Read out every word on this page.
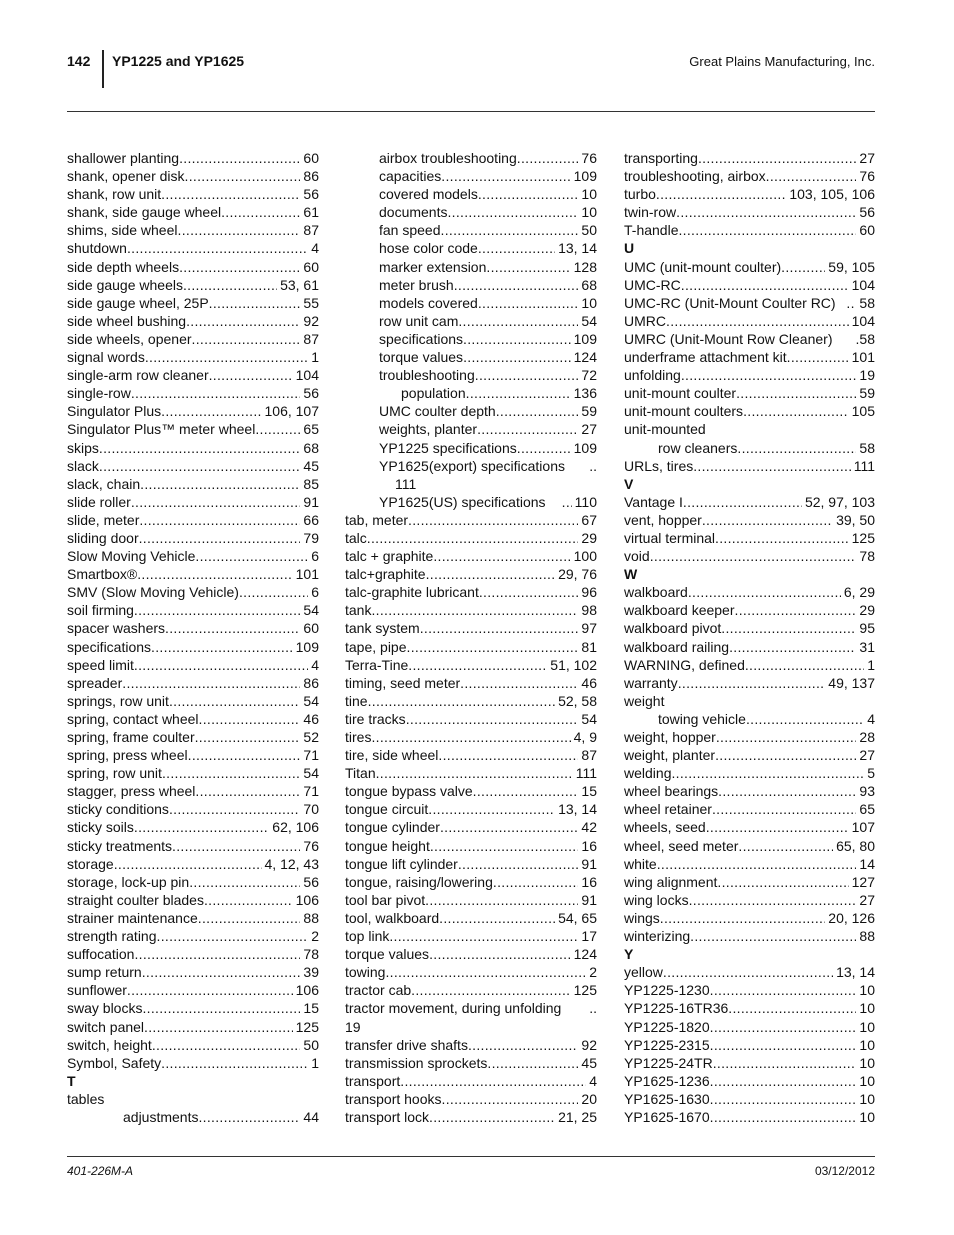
142 YP1225 and YP1625	Great Plains Manufacturing, Inc.
shallower planting .....	60
shank, opener disk .....	86
shank, row unit .....	56
shank, side gauge wheel .....	61
shims, side wheel .....	87
shutdown .....	4
side depth wheels .....	60
side gauge wheels .....	53, 61
side gauge wheel, 25P .....	55
side wheel bushing .....	92
side wheels, opener .....	87
signal words .....	1
single-arm row cleaner .....	104
single-row .....	56
Singulator Plus .....	106, 107
Singulator Plus™ meter wheel .....	65
skips .....	68
slack .....	45
slack, chain .....	85
slide roller .....	91
slide, meter .....	66
sliding door .....	79
Slow Moving Vehicle .....	6
Smartbox® .....	101
SMV (Slow Moving Vehicle) .....	6
soil firming .....	54
spacer washers .....	60
specifications .....	109
speed limit .....	4
spreader .....	86
springs, row unit .....	54
spring, contact wheel .....	46
spring, frame coulter .....	52
spring, press wheel .....	71
spring, row unit .....	54
stagger, press wheel .....	71
sticky conditions .....	70
sticky soils .....	62, 106
sticky treatments .....	76
storage .....	4, 12, 43
storage, lock-up pin .....	56
straight coulter blades .....	106
strainer maintenance .....	88
strength rating .....	2
suffocation .....	78
sump return .....	39
sunflower .....	106
sway blocks .....	15
switch panel .....	125
switch, height .....	50
Symbol, Safety .....	1
T
tables
adjustments .....	44
airbox troubleshooting .....	76
capacities .....	109
covered models .....	10
documents .....	10
fan speed .....	50
hose color code .....	13, 14
marker extension .....	128
meter brush .....	68
models covered .....	10
row unit cam .....	54
specifications .....	109
torque values .....	124
troubleshooting .....	72
population .....	136
UMC coulter depth .....	59
weights, planter .....	27
YP1225 specifications .....	109
YP1625(export) specifications ..
111
YP1625(US) specifications ..... 110
tab, meter .....	67
talc .....	29
talc + graphite .....	100
talc+graphite .....	29, 76
talc-graphite lubricant .....	96
tank .....	98
tank system .....	97
tape, pipe .....	81
Terra-Tine .....	51, 102
timing, seed meter .....	46
tine .....	52, 58
tire tracks .....	54
tires .....	4, 9
tire, side wheel .....	87
Titan .....	111
tongue bypass valve .....	15
tongue circuit .....	13, 14
tongue cylinder .....	42
tongue height .....	16
tongue lift cylinder .....	91
tongue, raising/lowering .....	16
tool bar pivot .....	91
tool, walkboard .....	54, 65
top link .....	17
torque values .....	124
towing .....	2
tractor cab .....	125
tractor movement, during unfolding ..
19
transfer drive shafts .....	92
transmission sprockets .....	45
transport .....	4
transport hooks .....	20
transport lock .....	21, 25
transporting .....	27
troubleshooting, airbox .....	76
turbo .....	103, 105, 106
twin-row .....	56
T-handle .....	60
U
UMC (unit-mount coulter) .....	59, 105
UMC-RC .....	104
UMC-RC (Unit-Mount Coulter RC) ..... 58
UMRC .....	104
UMRC (Unit-Mount Row Cleaner) .58
underframe attachment kit .....	101
unfolding .....	19
unit-mount coulter .....	59
unit-mount coulters .....	105
unit-mounted
row cleaners .....	58
URLs, tires .....	111
V
Vantage I .....	52, 97, 103
vent, hopper .....	39, 50
virtual terminal .....	125
void .....	78
W
walkboard .....	6, 29
walkboard keeper .....	29
walkboard pivot .....	95
walkboard railing .....	31
WARNING, defined .....	1
warranty .....	49, 137
weight
towing vehicle .....	4
weight, hopper .....	28
weight, planter .....	27
welding .....	5
wheel bearings .....	93
wheel retainer .....	65
wheels, seed .....	107
wheel, seed meter .....	65, 80
white .....	14
wing alignment .....	127
wing locks .....	27
wings .....	20, 126
winterizing .....	88
Y
yellow .....	13, 14
YP1225-1230 .....	10
YP1225-16TR36 .....	10
YP1225-1820 .....	10
YP1225-2315 .....	10
YP1225-24TR .....	10
YP1625-1236 .....	10
YP1625-1630 .....	10
YP1625-1670 .....	10
401-226M-A	03/12/2012
